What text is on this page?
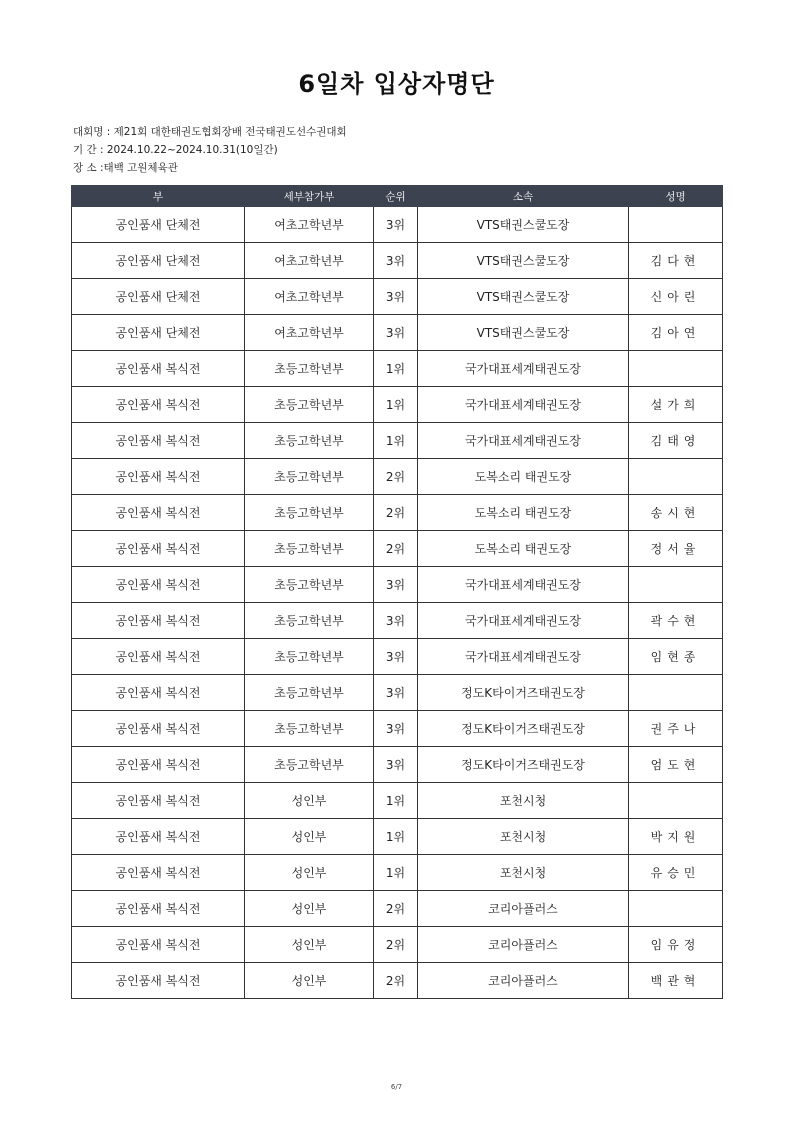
6일차 입상자명단
대회명 : 제21회 대한태권도협회장배 전국태권도선수권대회
기 간 : 2024.10.22~2024.10.31(10일간)
장 소 :태백 고원체육관
부	세부참가부	순위	소속	성명
공인품새 단체전	여초고학년부	3위	VTS태권스쿨도장	
공인품새 단체전	여초고학년부	3위	VTS태권스쿨도장	김다현
공인품새 단체전	여초고학년부	3위	VTS태권스쿨도장	신아린
공인품새 단체전	여초고학년부	3위	VTS태권스쿨도장	김아연
공인품새 복식전	초등고학년부	1위	국가대표세계태권도장	
공인품새 복식전	초등고학년부	1위	국가대표세계태권도장	설가희
공인품새 복식전	초등고학년부	1위	국가대표세계태권도장	김태영
공인품새 복식전	초등고학년부	2위	도복소리 태권도장	
공인품새 복식전	초등고학년부	2위	도복소리 태권도장	송시현
공인품새 복식전	초등고학년부	2위	도복소리 태권도장	정서율
공인품새 복식전	초등고학년부	3위	국가대표세계태권도장	
공인품새 복식전	초등고학년부	3위	국가대표세계태권도장	곽수현
공인품새 복식전	초등고학년부	3위	국가대표세계태권도장	임현종
공인품새 복식전	초등고학년부	3위	정도K타이거즈태권도장	
공인품새 복식전	초등고학년부	3위	정도K타이거즈태권도장	권주나
공인품새 복식전	초등고학년부	3위	정도K타이거즈태권도장	엄도현
공인품새 복식전	성인부	1위	포천시청	
공인품새 복식전	성인부	1위	포천시청	박지원
공인품새 복식전	성인부	1위	포천시청	유승민
공인품새 복식전	성인부	2위	코리아플러스	
공인품새 복식전	성인부	2위	코리아플러스	임유정
공인품새 복식전	성인부	2위	코리아플러스	백관혁
6/7
